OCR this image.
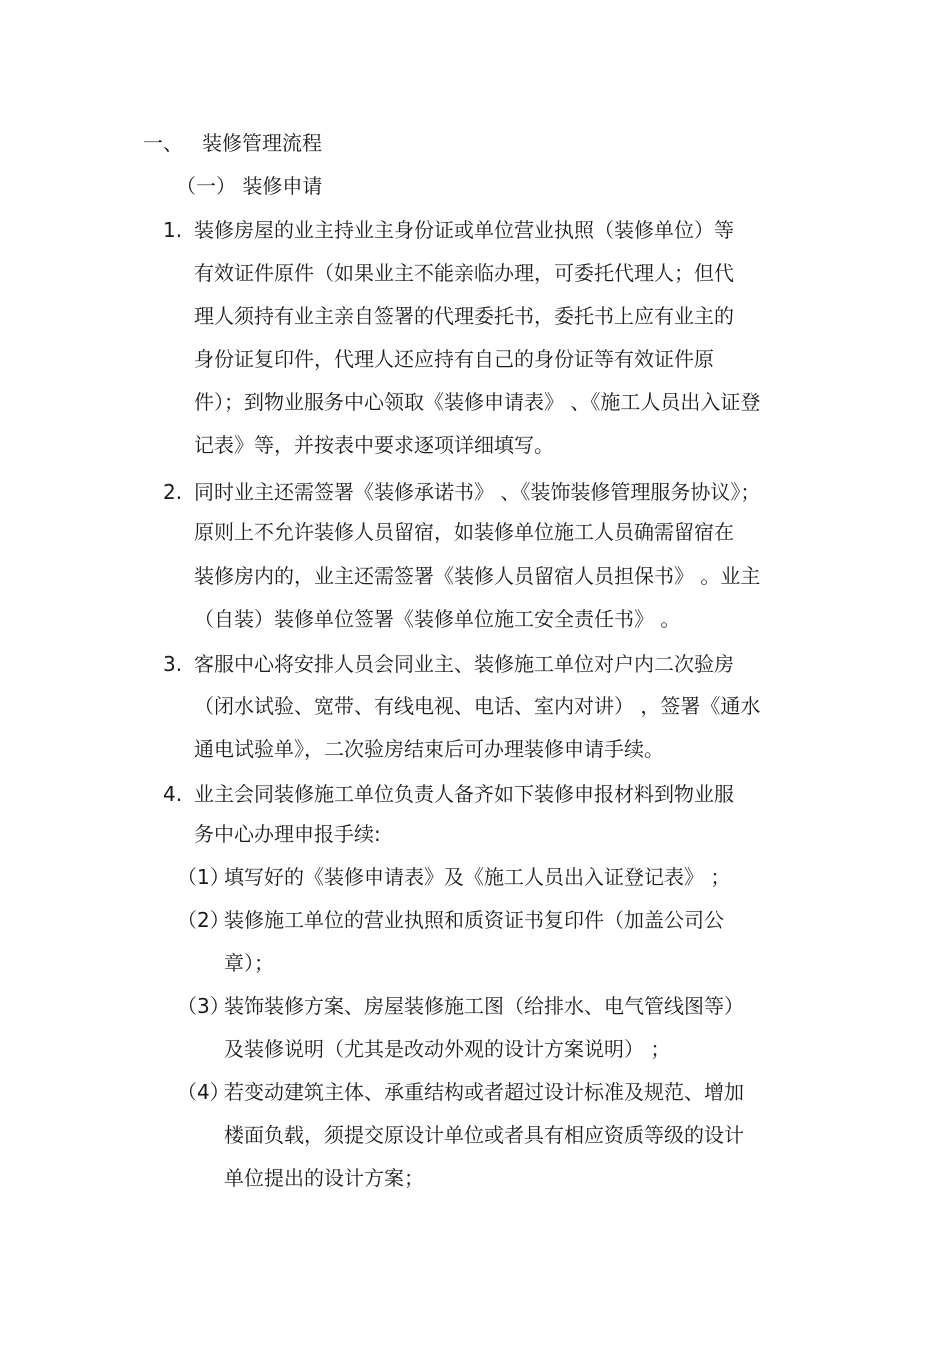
一、 装修管理流程
（一） 装修申请
1. 装修房屋的业主持业主身份证或单位营业执照（装修单位）等
有效证件原件（如果业主不能亲临办理，可委托代理人；但代
理人须持有业主亲自签署的代理委托书，委托书上应有业主的
身份证复印件，代理人还应持有自己的身份证等有效证件原
件）；到物业服务中心领取《装修申请表》 、《施工人员出入证登
记表》等，并按表中要求逐项详细填写。
2. 同时业主还需签署《装修承诺书》 、《装饰装修管理服务协议》；
原则上不允许装修人员留宿，如装修单位施工人员确需留宿在
装修房内的，业主还需签署《装修人员留宿人员担保书》 。业主
（自装）装修单位签署《装修单位施工安全责任书》 。
3. 客服中心将安排人员会同业主、装修施工单位对户内二次验房
（闭水试验、宽带、有线电视、电话、室内对讲） ，签署《通水
通电试验单》，二次验房结束后可办理装修申请手续。
4. 业主会同装修施工单位负责人备齐如下装修申报材料到物业服
务中心办理申报手续:
（1）
填写好的《装修申请表》及《施工人员出入证登记表》 ；
（2）
装修施工单位的营业执照和质资证书复印件（加盖公司公
章）；
（3）
装饰装修方案、房屋装修施工图（给排水、电气管线图等）
及装修说明（尤其是改动外观的设计方案说明） ；
（4）
若变动建筑主体、承重结构或者超过设计标准及规范、增加
楼面负载，须提交原设计单位或者具有相应资质等级的设计
单位提出的设计方案；
